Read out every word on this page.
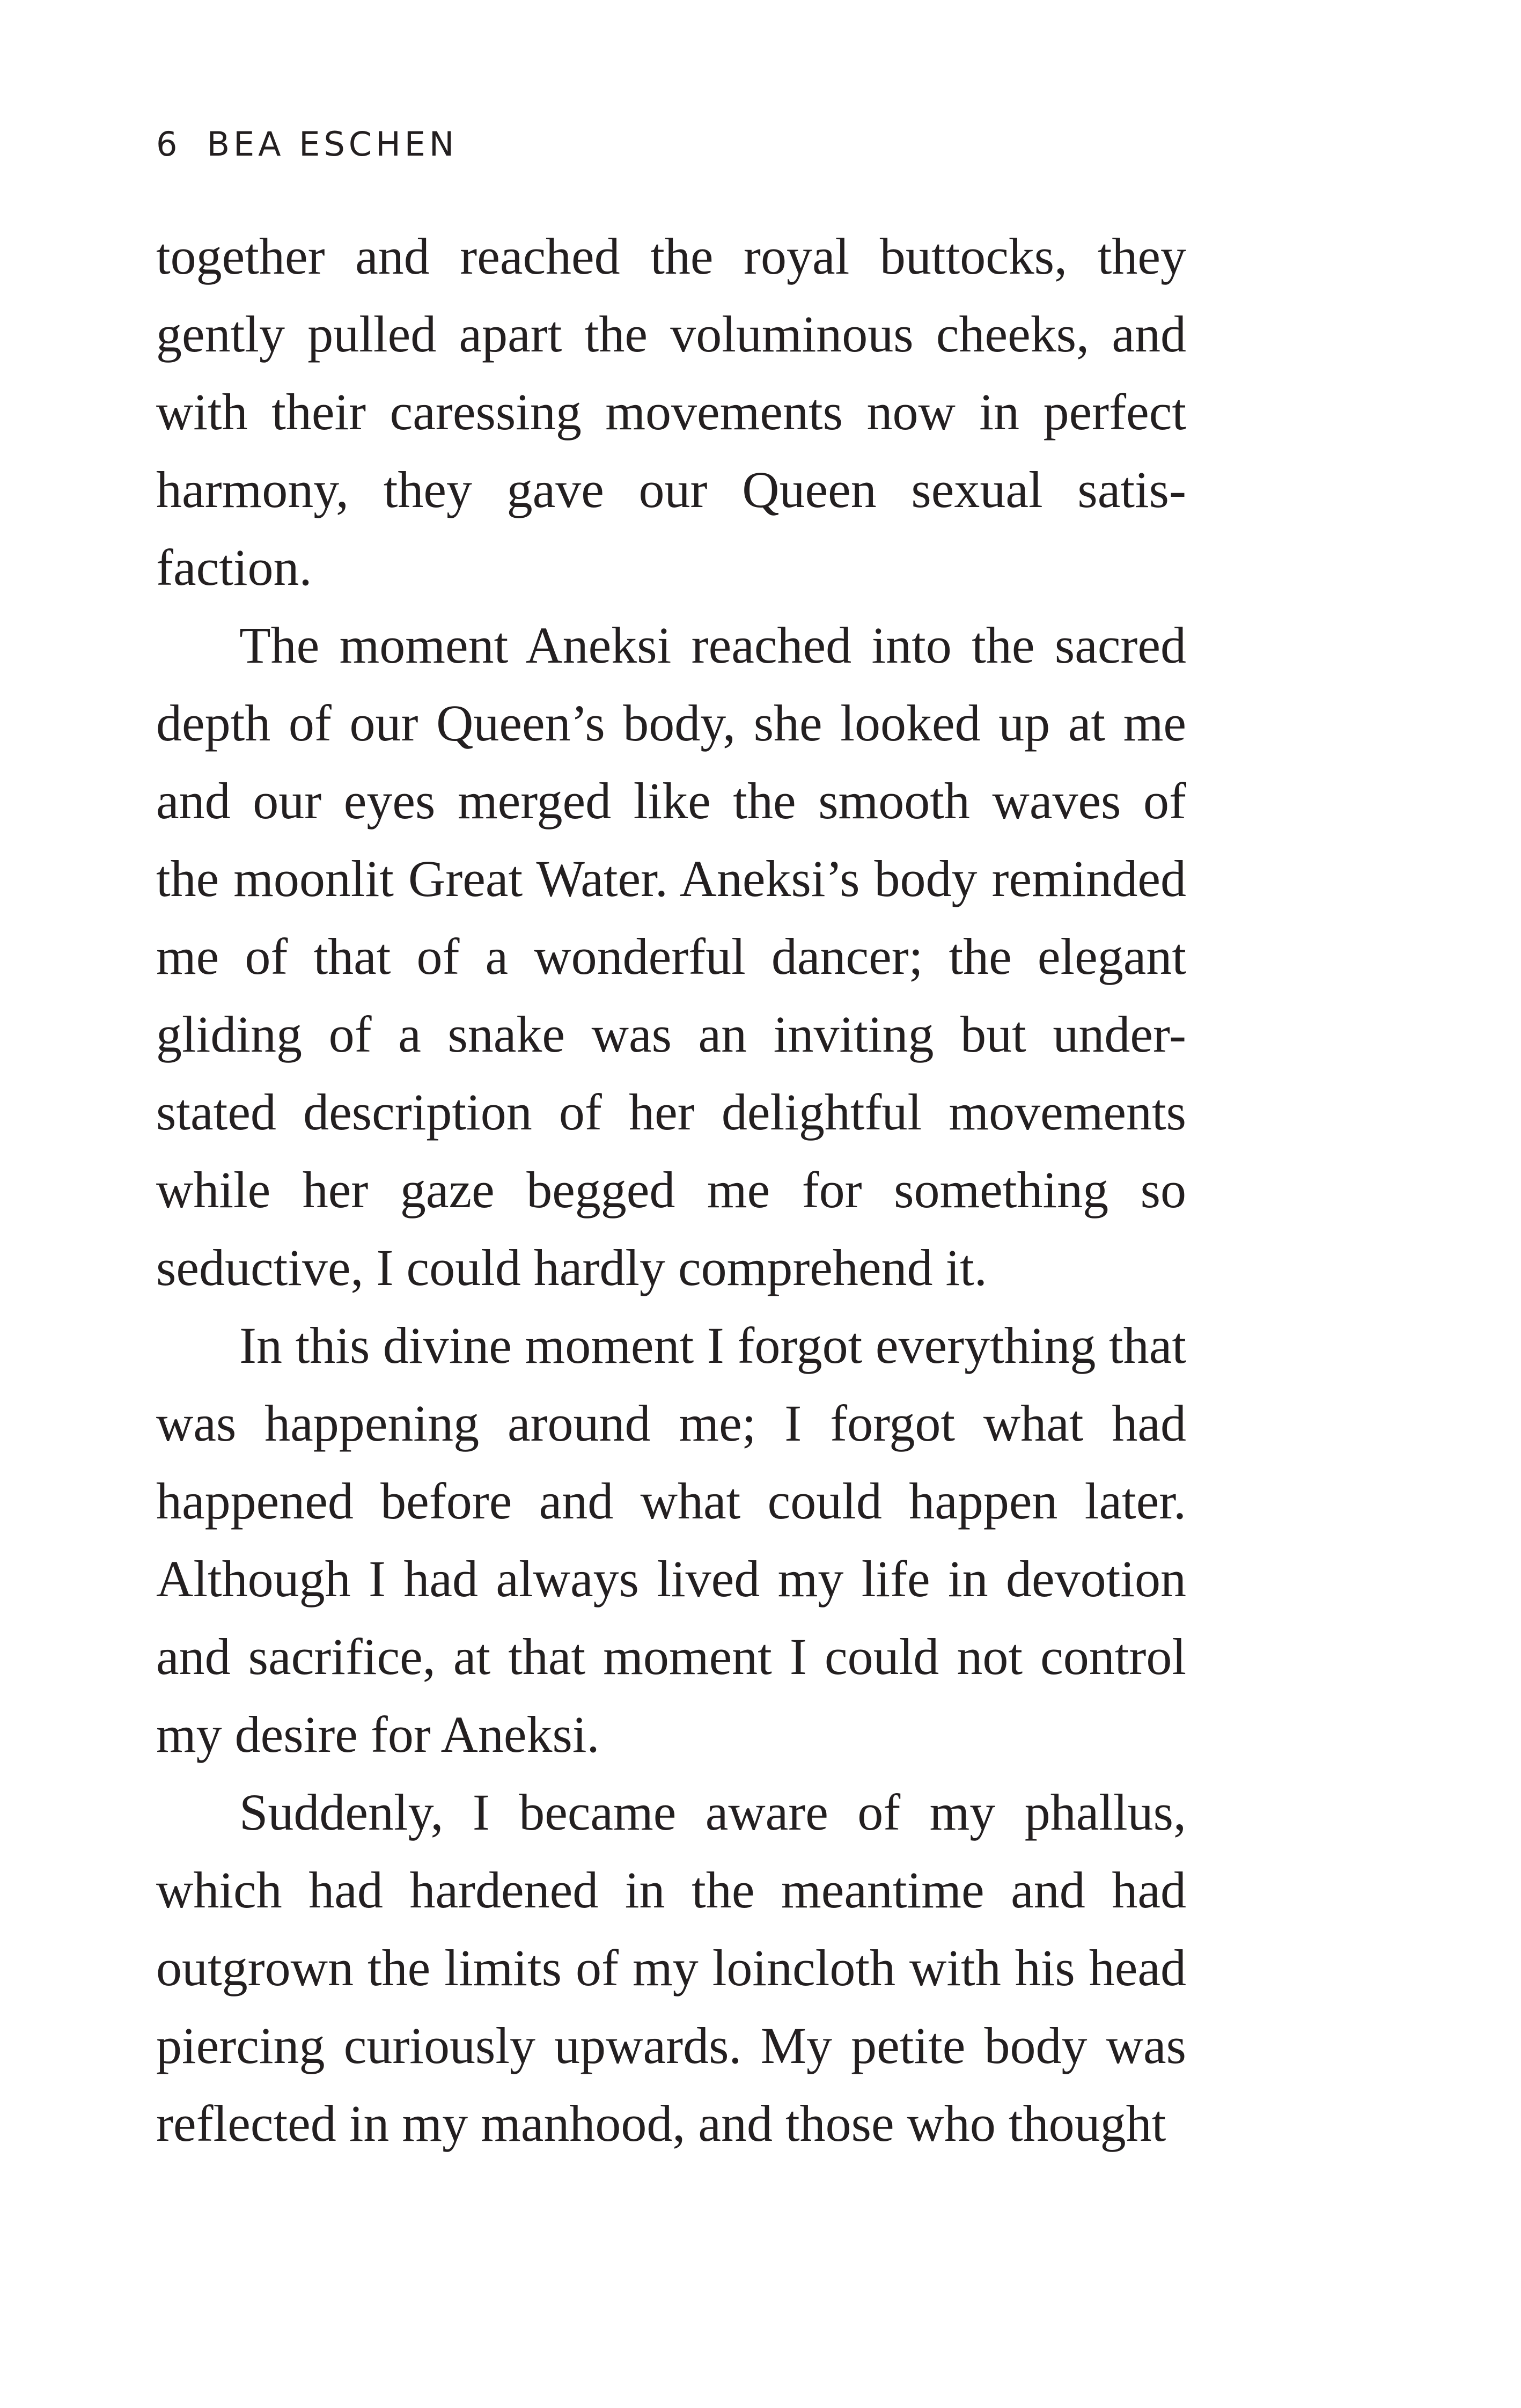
6 BEA ESCHEN

together and reached the royal buttocks, they gently pulled apart the voluminous cheeks, and with their caressing movements now in perfect harmony, they gave our Queen sexual satis-faction.

The moment Aneksi reached into the sacred depth of our Queen’s body, she looked up at me and our eyes merged like the smooth waves of the moonlit Great Water. Aneksi’s body reminded me of that of a wonderful dancer; the elegant gliding of a snake was an inviting but under-stated description of her delightful movements while her gaze begged me for something so seductive, I could hardly comprehend it.

In this divine moment I forgot everything that was happening around me; I forgot what had happened before and what could happen later. Although I had always lived my life in devotion and sacrifice, at that moment I could not control my desire for Aneksi.

Suddenly, I became aware of my phallus, which had hardened in the meantime and had outgrown the limits of my loincloth with his head piercing curiously upwards. My petite body was reflected in my manhood, and those who thought
